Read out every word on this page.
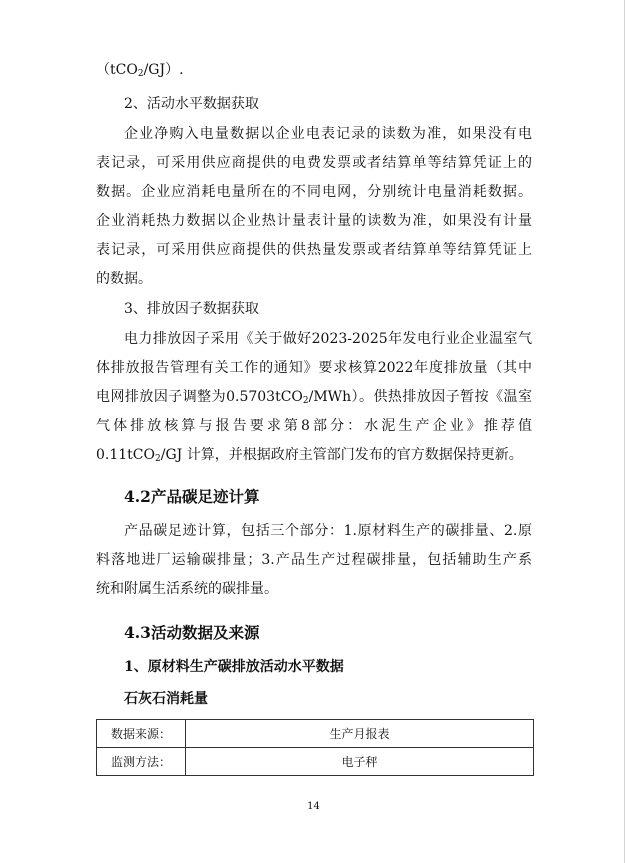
（tCO$_2$/GJ）.
2、活动水平数据获取
企业净购入电量数据以企业电表记录的读数为准，如果没有电
表记录，可采用供应商提供的电费发票或者结算单等结算凭证上的
数据。企业应消耗电量所在的不同电网，分别统计电量消耗数据。
企业消耗热力数据以企业热计量表计量的读数为准，如果没有计量
表记录，可采用供应商提供的供热量发票或者结算单等结算凭证上
的数据。
3、排放因子数据获取
电力排放因子采用《关于做好2023-2025年发电行业企业温室气
体排放报告管理有关工作的通知》要求核算2022年度排放量（其中
电网排放因子调整为0.5703tCO$_2$/MWh）。供热排放因子暂按《温室
气体排放核算与报告要求第8部分：水泥生产企业》推荐值
0.11tCO$_2$/GJ 计算，并根据政府主管部门发布的官方数据保持更新。
4.2产品碳足迹计算
产品碳足迹计算，包括三个部分：1.原材料生产的碳排量、2.原
料落地进厂运输碳排量；3.产品生产过程碳排量，包括辅助生产系
统和附属生活系统的碳排量。
4.3活动数据及来源
1、原材料生产碳排放活动水平数据
石灰石消耗量
数据来源：	生产月报表
监测方法：	电子秤
14
